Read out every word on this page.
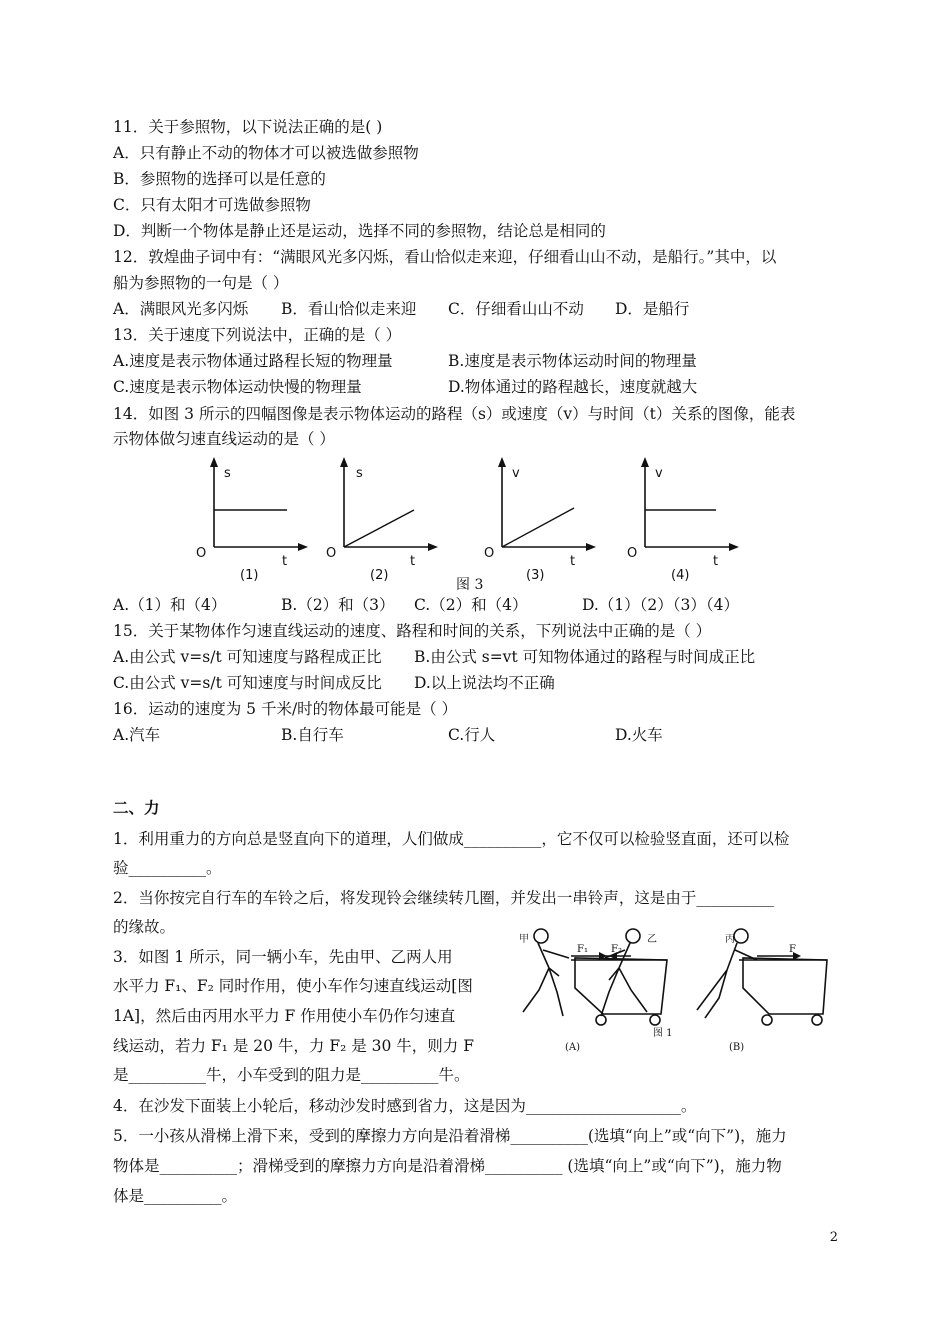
11．关于参照物，以下说法正确的是( )
A．只有静止不动的物体才可以被选做参照物
B．参照物的选择可以是任意的
C．只有太阳才可选做参照物
D．判断一个物体是静止还是运动，选择不同的参照物，结论总是相同的
12．敦煌曲子词中有：“满眼风光多闪烁，看山恰似走来迎，仔细看山山不动，是船行。”其中，以
船为参照物的一句是（ ）
A．满眼风光多闪烁 B．看山恰似走来迎 C．仔细看山山不动 D．是船行
13．关于速度下列说法中，正确的是（ ）
A.速度是表示物体通过路程长短的物理量	B.速度是表示物体运动时间的物理量
C.速度是表示物体运动快慢的物理量	D.物体通过的路程越长，速度就越大
14．如图 3 所示的四幅图像是表示物体运动的路程（s）或速度（v）与时间（t）关系的图像，能表
示物体做匀速直线运动的是（ ）
s
O
t
(1)
s
O
t
(2)
v
O
t
(3)
v
O
t
(4)
图 3
A.（1）和（4）	B.（2）和（3） C.（2）和（4）	D.（1）（2）（3）（4）
15．关于某物体作匀速直线运动的速度、路程和时间的关系，下列说法中正确的是（ ）
A.由公式 v=s/t 可知速度与路程成正比 B.由公式 s=vt 可知物体通过的路程与时间成正比
C.由公式 v=s/t 可知速度与时间成反比 D.以上说法均不正确
16．运动的速度为 5 千米/时的物体最可能是（ ）
A.汽车	B.自行车	C.行人	D.火车
二、力
1．利用重力的方向总是竖直向下的道理，人们做成__________，它不仅可以检验竖直面，还可以检
验__________。
2．当你按完自行车的车铃之后，将发现铃会继续转几圈，并发出一串铃声，这是由于__________
的缘故。
3．如图 1 所示，同一辆小车，先由甲、乙两人用
水平力 F₁、F₂ 同时作用，使小车作匀速直线运动[图
1A]，然后由丙用水平力 F 作用使小车仍作匀速直
线运动，若力 F₁ 是 20 牛，力 F₂ 是 30 牛，则力 F
是__________牛，小车受到的阻力是__________牛。
甲	乙	丙
F₁ F₂	F
(A)	(B)
图 1
4．在沙发下面装上小轮后，移动沙发时感到省力，这是因为____________________。
5．一小孩从滑梯上滑下来，受到的摩擦力方向是沿着滑梯__________(选填“向上”或“向下”)，施力
物体是__________；滑梯受到的摩擦力方向是沿着滑梯__________ (选填“向上”或“向下”)，施力物
体是__________。
2
